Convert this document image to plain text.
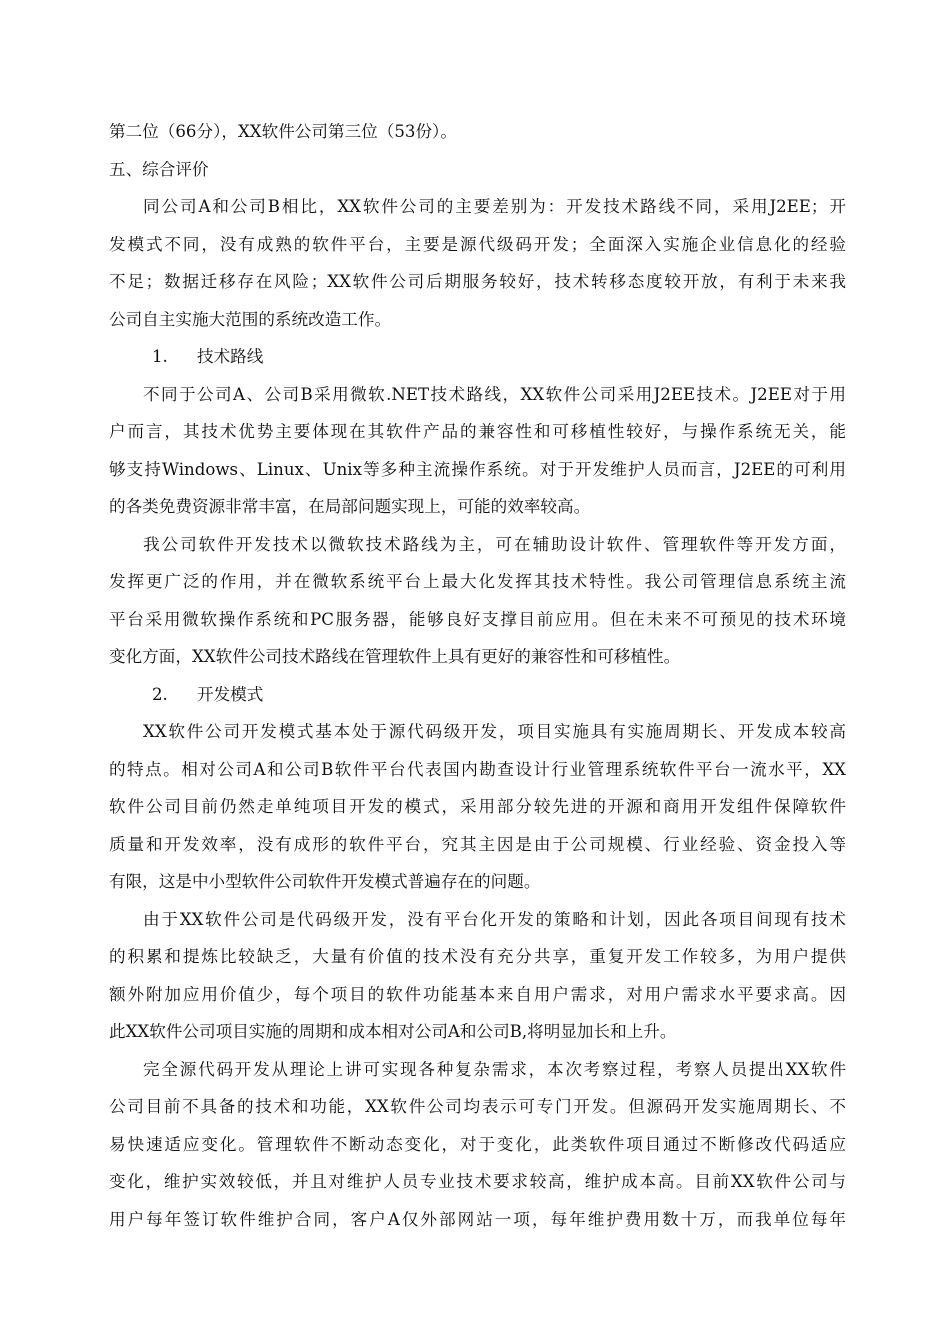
第二位（66分），XX软件公司第三位（53份）。
五、综合评价
同公司A和公司B相比，XX软件公司的主要差别为：开发技术路线不同，采用J2EE；开
发模式不同，没有成熟的软件平台，主要是源代级码开发；全面深入实施企业信息化的经验
不足；数据迁移存在风险；XX软件公司后期服务较好，技术转移态度较开放，有利于未来我
公司自主实施大范围的系统改造工作。
1. 技术路线
不同于公司A、公司B采用微软.NET技术路线，XX软件公司采用J2EE技术。J2EE对于用
户而言，其技术优势主要体现在其软件产品的兼容性和可移植性较好，与操作系统无关，能
够支持Windows、Linux、Unix等多种主流操作系统。对于开发维护人员而言，J2EE的可利用
的各类免费资源非常丰富，在局部问题实现上，可能的效率较高。
我公司软件开发技术以微软技术路线为主，可在辅助设计软件、管理软件等开发方面，
发挥更广泛的作用，并在微软系统平台上最大化发挥其技术特性。我公司管理信息系统主流
平台采用微软操作系统和PC服务器，能够良好支撑目前应用。但在未来不可预见的技术环境
变化方面，XX软件公司技术路线在管理软件上具有更好的兼容性和可移植性。
2. 开发模式
XX软件公司开发模式基本处于源代码级开发，项目实施具有实施周期长、开发成本较高
的特点。相对公司A和公司B软件平台代表国内勘查设计行业管理系统软件平台一流水平，XX
软件公司目前仍然走单纯项目开发的模式，采用部分较先进的开源和商用开发组件保障软件
质量和开发效率，没有成形的软件平台，究其主因是由于公司规模、行业经验、资金投入等
有限，这是中小型软件公司软件开发模式普遍存在的问题。
由于XX软件公司是代码级开发，没有平台化开发的策略和计划，因此各项目间现有技术
的积累和提炼比较缺乏，大量有价值的技术没有充分共享，重复开发工作较多，为用户提供
额外附加应用价值少，每个项目的软件功能基本来自用户需求，对用户需求水平要求高。因
此XX软件公司项目实施的周期和成本相对公司A和公司B,将明显加长和上升。
完全源代码开发从理论上讲可实现各种复杂需求，本次考察过程，考察人员提出XX软件
公司目前不具备的技术和功能，XX软件公司均表示可专门开发。但源码开发实施周期长、不
易快速适应变化。管理软件不断动态变化，对于变化，此类软件项目通过不断修改代码适应
变化，维护实效较低，并且对维护人员专业技术要求较高，维护成本高。目前XX软件公司与
用户每年签订软件维护合同，客户A仅外部网站一项，每年维护费用数十万，而我单位每年
